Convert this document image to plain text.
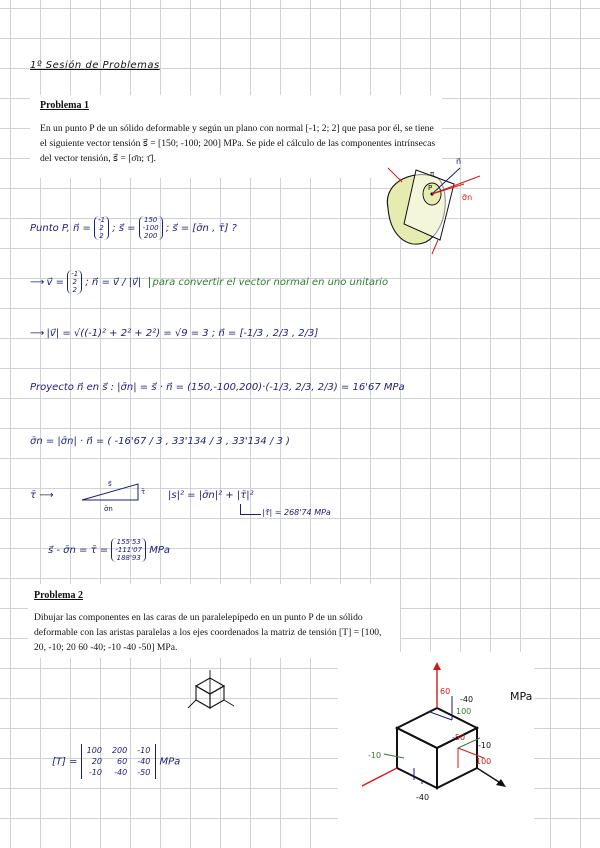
1º Sesión de Problemas
Problema 1
En un punto P de un sólido deformable y según un plano con normal [-1; 2; 2] que pasa por él, se tiene el siguiente vector tensión s⃗ = [150; -100; 200] MPa. Se pide el cálculo de las componentes intrínsecas del vector tensión, s⃗ = [σ̄n; τ̄].
π
P
n⃗
σ̄n
Punto P, n⃗ =
-1
2
2
; s⃗ =
150
-100
200
; s⃗ = [σ̄n , τ̄] ?
⟶ v⃗ =
-1
2
2
; n⃗ = v⃗ / |v⃗| para convertir el vector normal en uno unitario
⟶ |v⃗| = √((-1)² + 2² + 2²) = √9 = 3 ; n⃗ = [-1/3 , 2/3 , 2/3]
Proyecto n⃗ en s⃗ : |σ̄n| = s⃗ · n⃗ = (150,-100,200)·(-1/3, 2/3, 2/3) = 16'67 MPa
σ̄n = |σ̄n| · n⃗ = ( -16'67 / 3 , 33'134 / 3 , 33'134 / 3 )
τ̄ ⟶
s⃗
τ̄
σ̄n
|s|² = |σ̄n|² + |τ̄|²
|τ̄| = 268'74 MPa
s⃗ - σ̄n = τ̄ =
155'53
-111'07
188'93
MPa
Problema 2
Dibujar las componentes en las caras de un paralelepípedo en un punto P de un sólido deformable con las aristas paralelas a los ejes coordenados la matriz de tensión [T] = [100, 20, -10; 20 60 -40; -10 -40 -50] MPa.
[T] =
100 200 -10
20	60 -40
-10 -40 -50
MPa
60
-40
100
-50
-10
100
-10
-40
MPa
